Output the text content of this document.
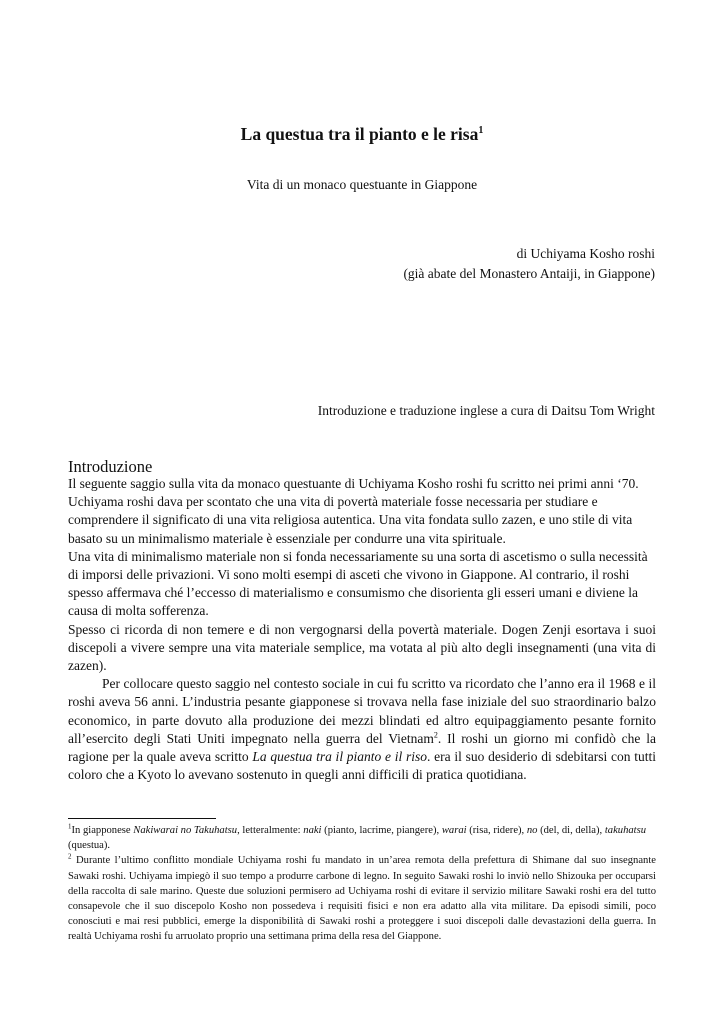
La questua tra il pianto e le risa$^1$
Vita di un monaco questuante in Giappone
di Uchiyama Kosho roshi
(già abate del Monastero Antaiji, in Giappone)
Introduzione e traduzione inglese a cura di Daitsu Tom Wright
Introduzione

Il seguente saggio sulla vita da monaco questuante di Uchiyama Kosho roshi fu scritto nei primi anni ‘70. Uchiyama roshi dava per scontato che una vita di povertà materiale fosse necessaria per studiare e comprendere il significato di una vita religiosa autentica. Una vita fondata sullo zazen, e uno stile di vita basato su un minimalismo materiale è essenziale per condurre una vita spirituale.

Una vita di minimalismo materiale non si fonda necessariamente su una sorta di ascetismo o sulla necessità di imporsi delle privazioni. Vi sono molti esempi di asceti che vivono in Giappone. Al contrario, il roshi spesso affermava ché l’eccesso di materialismo e consumismo che disorienta gli esseri umani e diviene la causa di molta sofferenza.

Spesso ci ricorda di non temere e di non vergognarsi della povertà materiale. Dogen Zenji esortava i suoi discepoli a vivere sempre una vita materiale semplice, ma votata al più alto degli insegnamenti (una vita di zazen).

Per collocare questo saggio nel contesto sociale in cui fu scritto va ricordato che l’anno era il 1968 e il roshi aveva 56 anni. L’industria pesante giapponese si trovava nella fase iniziale del suo straordinario balzo economico, in parte dovuto alla produzione dei mezzi blindati ed altro equipaggiamento pesante fornito all’esercito degli Stati Uniti impegnato nella guerra del Vietnam$^2$. Il roshi un giorno mi confidò che la ragione per la quale aveva scritto La questua tra il pianto e il riso. era il suo desiderio di sdebitarsi con tutti coloro che a Kyoto lo avevano sostenuto in quegli anni difficili di pratica quotidiana.

$^1$In giapponese Nakiwarai no Takuhatsu, letteralmente: naki (pianto, lacrime, piangere), warai (risa, ridere), no (del, di, della), takuhatsu (questua).

$^2$ Durante l’ultimo conflitto mondiale Uchiyama roshi fu mandato in un’area remota della prefettura di Shimane dal suo insegnante Sawaki roshi. Uchiyama impiegò il suo tempo a produrre carbone di legno. In seguito Sawaki roshi lo inviò nello Shizouka per occuparsi della raccolta di sale marino. Queste due soluzioni permisero ad Uchiyama roshi di evitare il servizio militare Sawaki roshi era del tutto consapevole che il suo discepolo Kosho non possedeva i requisiti fisici e non era adatto alla vita militare. Da episodi simili, poco conosciuti e mai resi pubblici, emerge la disponibilità di Sawaki roshi a proteggere i suoi discepoli dalle devastazioni della guerra. In realtà Uchiyama roshi fu arruolato proprio una settimana prima della resa del Giappone.
